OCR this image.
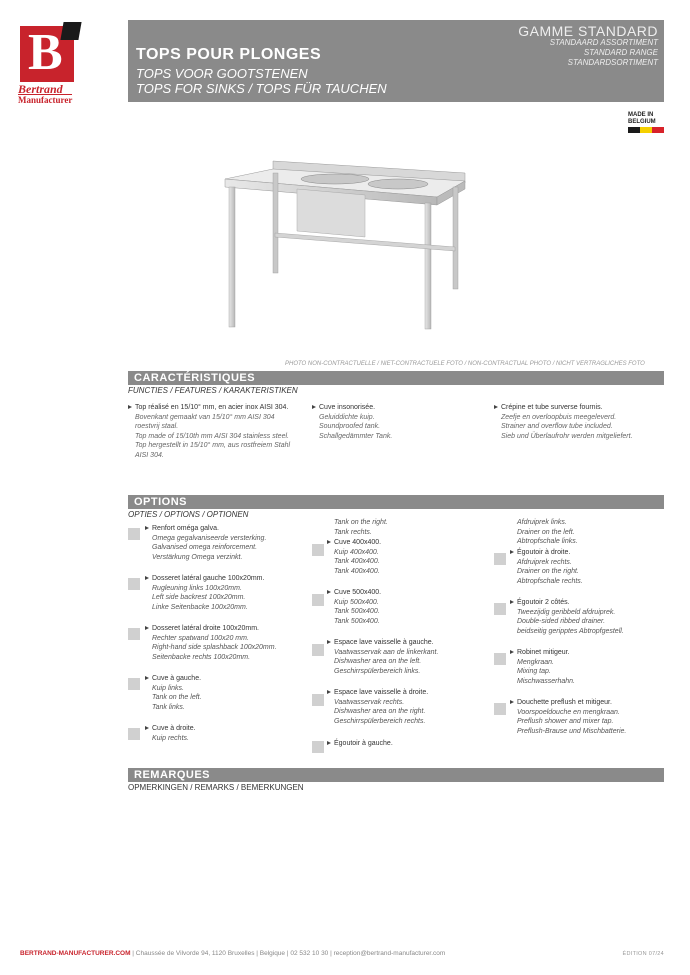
B
Bertrand
Manufacturer
TOPS POUR PLONGES
TOPS VOOR GOOTSTENEN
TOPS FOR SINKS / TOPS FÜR TAUCHEN
GAMME STANDARD
STANDAARD ASSORTIMENT
STANDARD RANGE
STANDARDSORTIMENT
MADE IN
BELGIUM
PHOTO NON-CONTRACTUELLE / NIET-CONTRACTUELE FOTO / NON-CONTRACTUAL PHOTO / NICHT VERTRAGLICHES FOTO
CARACTÉRISTIQUES
FUNCTIES / FEATURES / KARAKTERISTIKEN
Top réalisé en 15/10° mm, en acier inox AISI 304.
Bovenkant gemaakt van 15/10° mm AISI 304
roestvrij staal.
Top made of 15/10th mm AISI 304 stainless steel.
Top hergestellt in 15/10° mm, aus rostfreiem Stahl
AISI 304.
Cuve insonorisée.
Geluiddichte kuip.
Soundproofed tank.
Schallgedämmter Tank.
Crépine et tube surverse fournis.
Zeefje en overloopbuis meegeleverd.
Strainer and overflow tube included.
Sieb und Überlaufrohr werden mitgeliefert.
OPTIONS
OPTIES / OPTIONS / OPTIONEN
Renfort oméga galva.
Omega gegalvaniseerde versterking.
Galvanised omega reinforcement.
Verstärkung Omega verzinkt.
Dosseret latéral gauche 100x20mm.
Rugleuning links 100x20mm.
Left side backrest 100x20mm.
Linke Seitenbacke 100x20mm.
Dosseret latéral droite 100x20mm.
Rechter spatwand 100x20 mm.
Right-hand side splashback 100x20mm.
Seitenbacke rechts 100x20mm.
Cuve à gauche.
Kuip links.
Tank on the left.
Tank links.
Cuve à droite.
Kuip rechts.
Tank on the right.
Tank rechts.
Cuve 400x400.
Kuip 400x400.
Tank 400x400.
Tank 400x400.
Cuve 500x400.
Kuip 500x400.
Tank 500x400.
Tank 500x400.
Espace lave vaisselle à gauche.
Vaatwasservak aan de linkerkant.
Dishwasher area on the left.
Geschirrspülerbereich links.
Espace lave vaisselle à droite.
Vaatwasservak rechts.
Dishwasher area on the right.
Geschirrspülerbereich rechts.
Égoutoir à gauche.
Afdruiprek links.
Drainer on the left.
Abtropfschale links.
Égoutoir à droite.
Afdruiprek rechts.
Drainer on the right.
Abtropfschale rechts.
Égoutoir 2 côtés.
Tweezijdig geribbeld afdruiprek.
Double-sided ribbed drainer.
beidseitig geripptes Abtropfgestell.
Robinet mitigeur.
Mengkraan.
Mixing tap.
Mischwasserhahn.
Douchette preflush et mitigeur.
Voorspoeldouche en mengkraan.
Preflush shower and mixer tap.
Preflush-Brause und Mischbatterie.
REMARQUES
OPMERKINGEN / REMARKS / BEMERKUNGEN
BERTRAND-MANUFACTURER.COM | Chaussée de Vilvorde 94, 1120 Bruxelles | Belgique | 02 532 10 30 | reception@bertrand-manufacturer.com	ÉDITION 07/24
